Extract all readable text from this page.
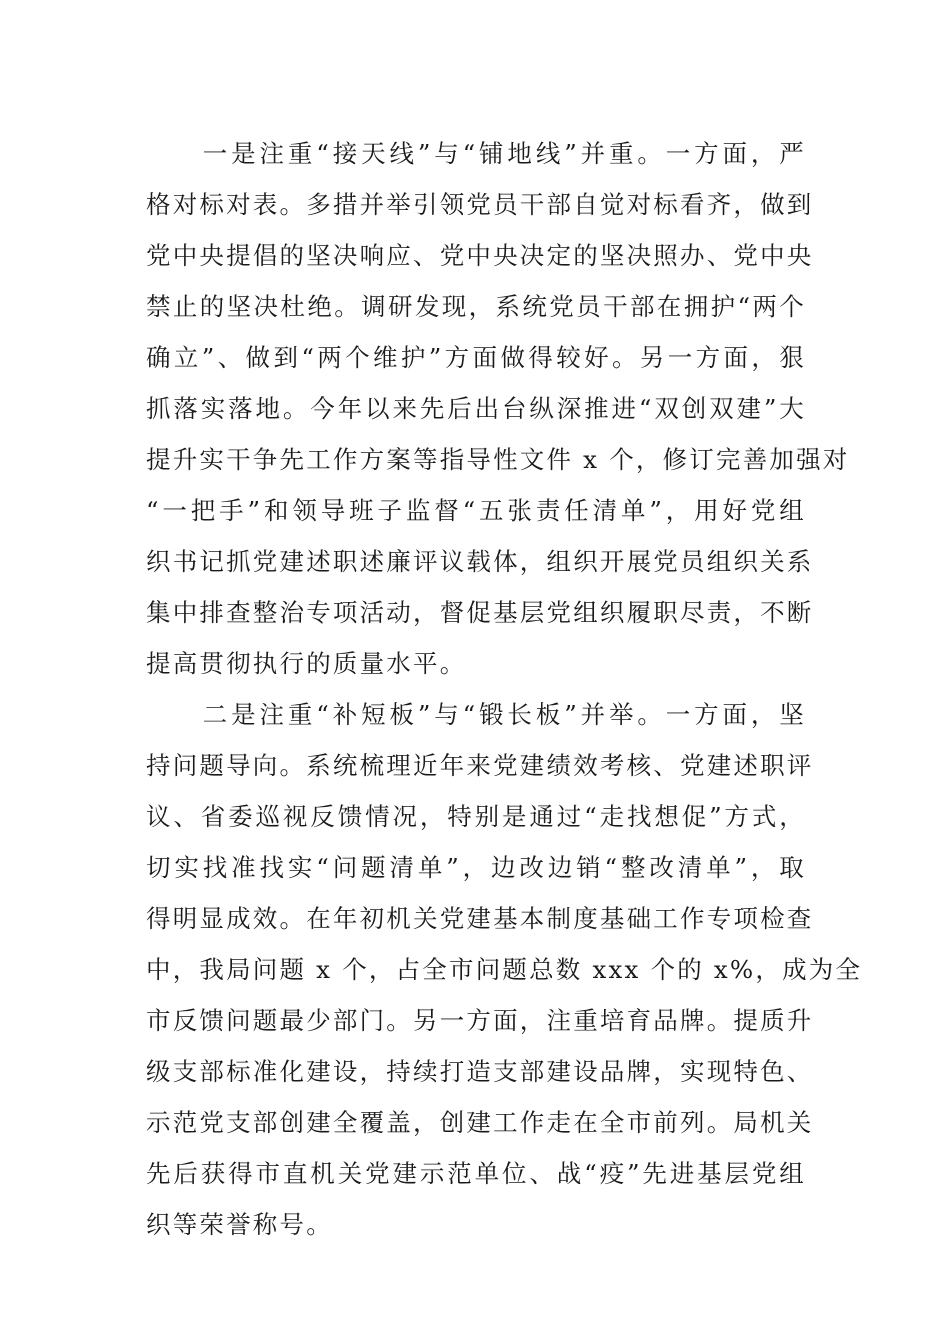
　　一是注重“接天线”与“铺地线”并重。一方面，严
格对标对表。多措并举引领党员干部自觉对标看齐，做到
党中央提倡的坚决响应、党中央决定的坚决照办、党中央
禁止的坚决杜绝。调研发现，系统党员干部在拥护“两个
确立”、做到“两个维护”方面做得较好。另一方面，狠
抓落实落地。今年以来先后出台纵深推进“双创双建”大
提升实干争先工作方案等指导性文件 x 个，修订完善加强对
“一把手”和领导班子监督“五张责任清单”，用好党组
织书记抓党建述职述廉评议载体，组织开展党员组织关系
集中排查整治专项活动，督促基层党组织履职尽责，不断
提高贯彻执行的质量水平。
　　二是注重“补短板”与“锻长板”并举。一方面，坚
持问题导向。系统梳理近年来党建绩效考核、党建述职评
议、省委巡视反馈情况，特别是通过“走找想促”方式，
切实找准找实“问题清单”，边改边销“整改清单”，取
得明显成效。在年初机关党建基本制度基础工作专项检查
中，我局问题 x 个，占全市问题总数 xxx 个的 x%，成为全
市反馈问题最少部门。另一方面，注重培育品牌。提质升
级支部标准化建设，持续打造支部建设品牌，实现特色、
示范党支部创建全覆盖，创建工作走在全市前列。局机关
先后获得市直机关党建示范单位、战“疫”先进基层党组
织等荣誉称号。
